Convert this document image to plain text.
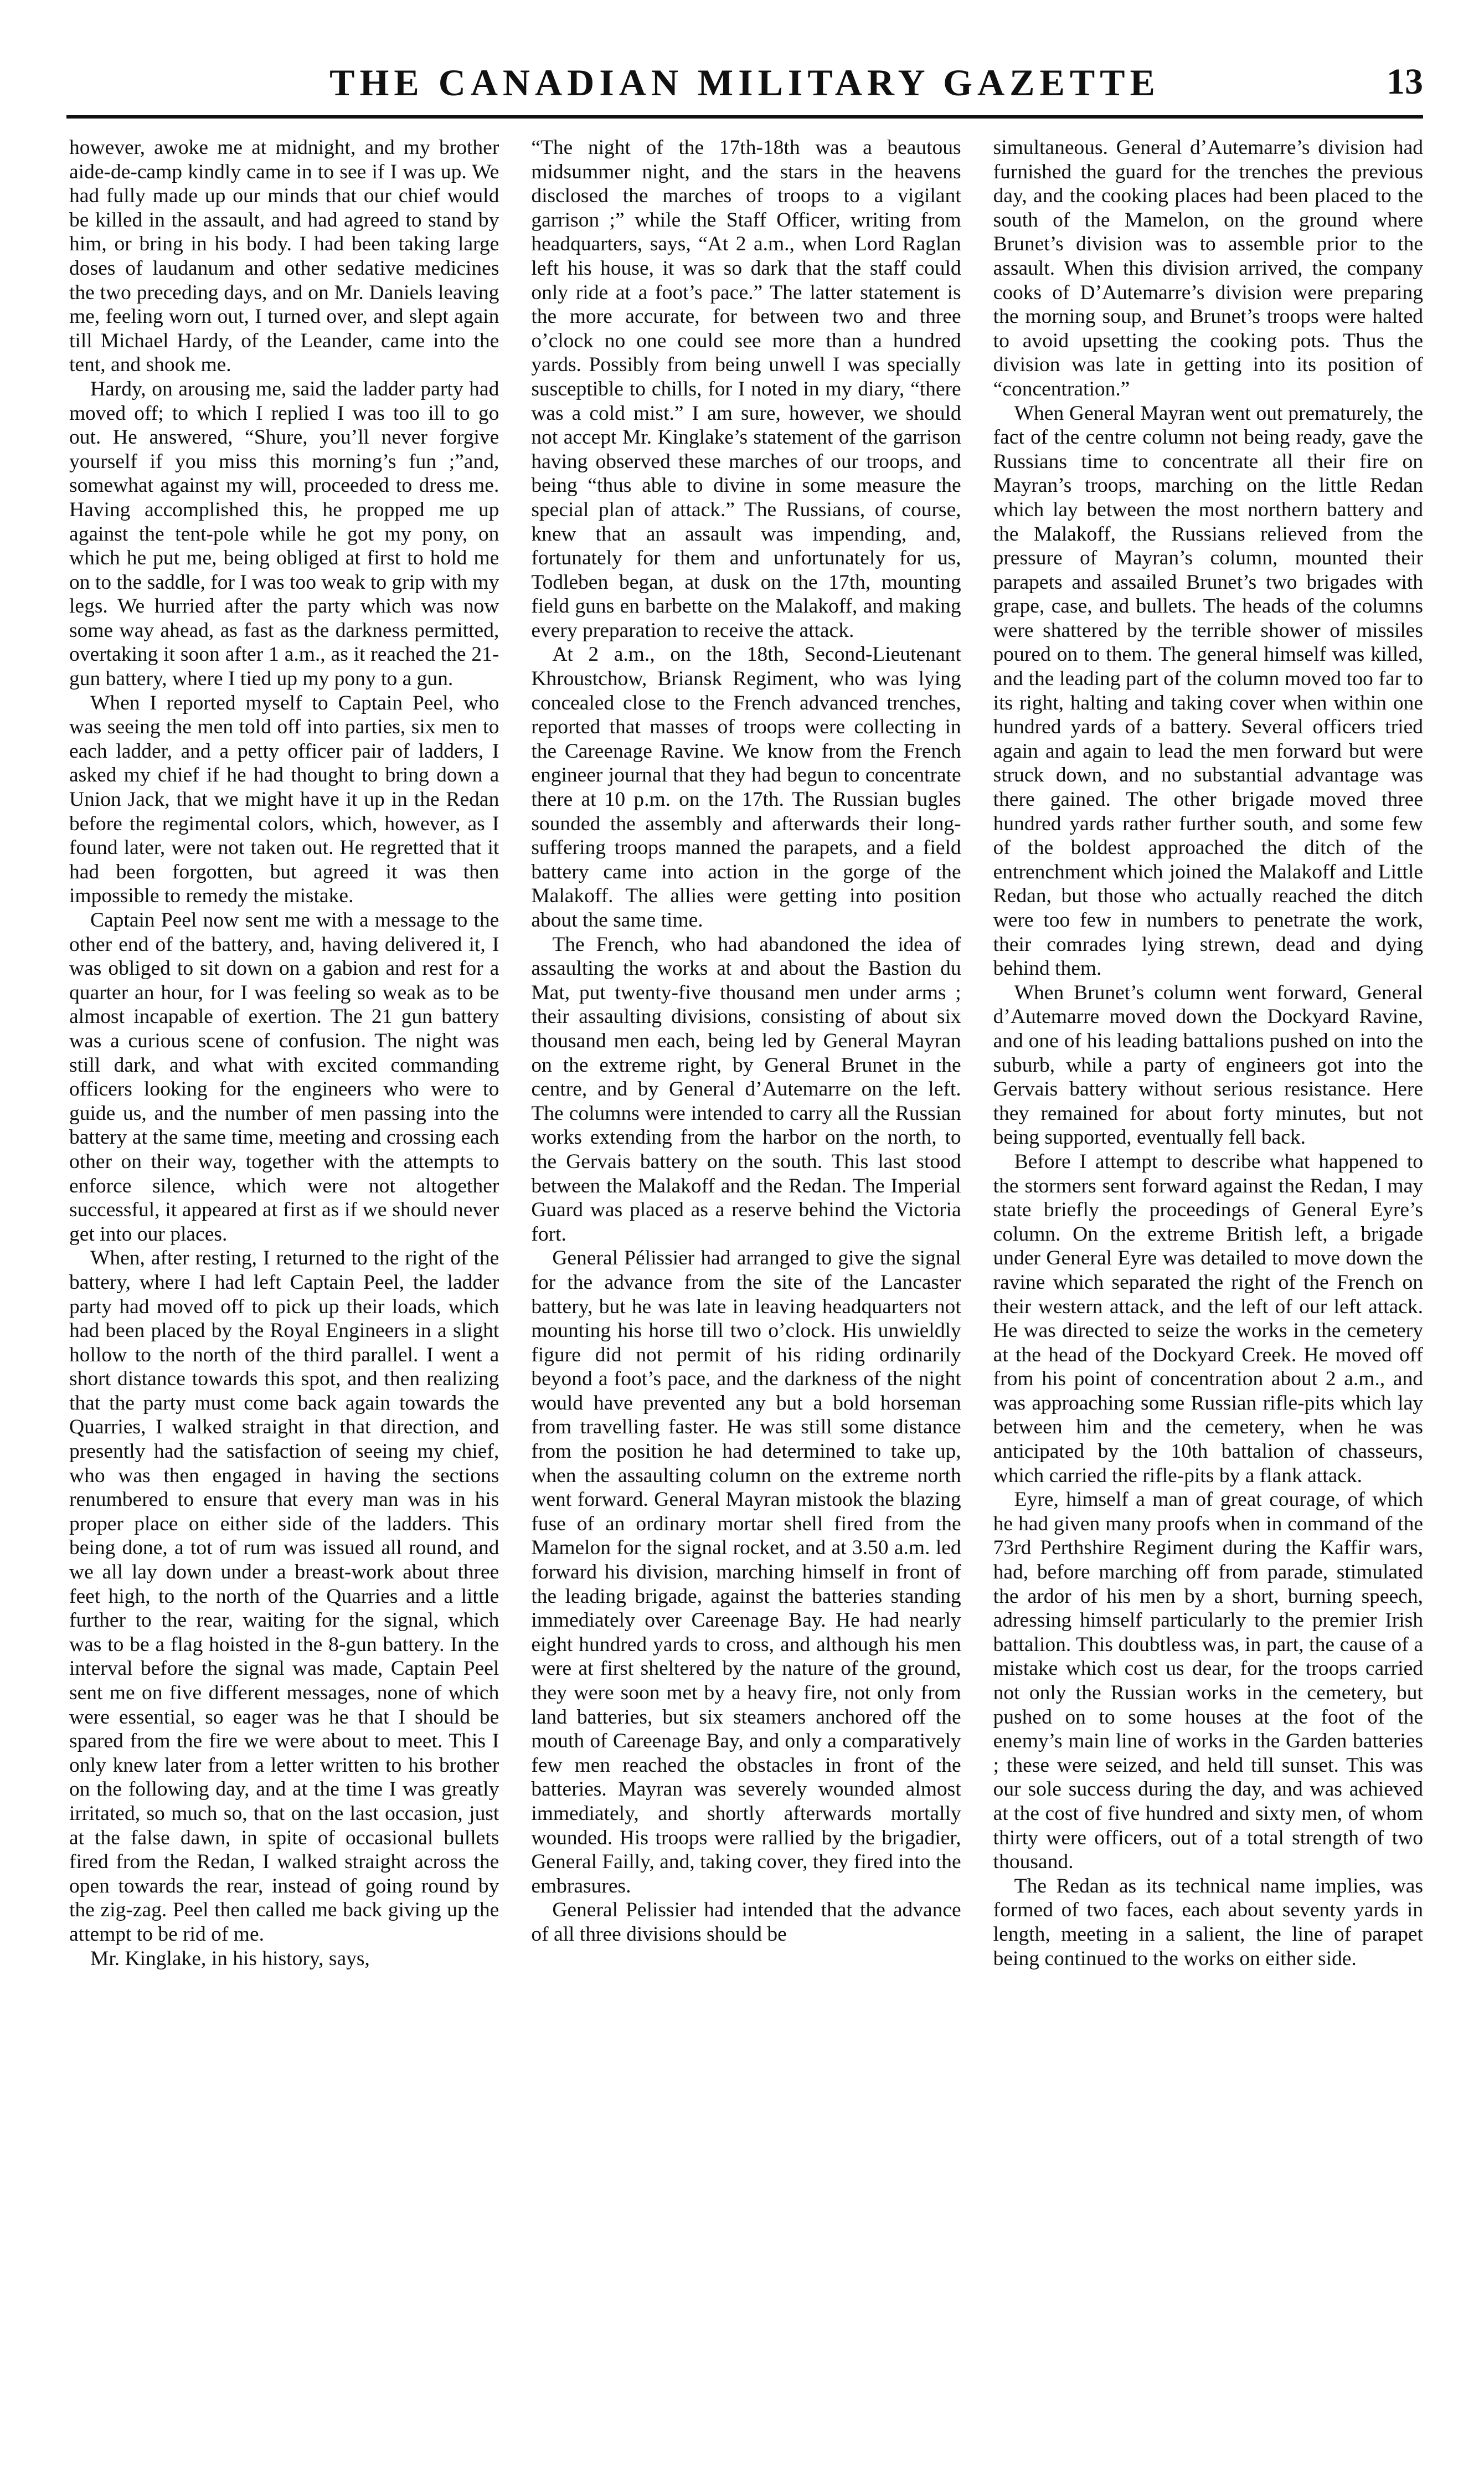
THE CANADIAN MILITARY GAZETTE	13

however, awoke me at midnight, and my brother aide-de-camp kindly came in to see if I was up. We had fully made up our minds that our chief would be killed in the assault, and had agreed to stand by him, or bring in his body. I had been taking large doses of laudanum and other sedative medicines the two preceding days, and on Mr. Daniels leaving me, feeling worn out, I turned over, and slept again till Michael Hardy, of the Leander, came into the tent, and shook me.

Hardy, on arousing me, said the ladder party had moved off; to which I replied I was too ill to go out. He answered, “Shure, you’ll never forgive yourself if you miss this morning’s fun ;”and, somewhat against my will, proceeded to dress me. Having accomplished this, he propped me up against the tent-pole while he got my pony, on which he put me, being obliged at first to hold me on to the saddle, for I was too weak to grip with my legs. We hurried after the party which was now some way ahead, as fast as the darkness permitted, overtaking it soon after 1 a.m., as it reached the 21-gun battery, where I tied up my pony to a gun.

When I reported myself to Captain Peel, who was seeing the men told off into parties, six men to each ladder, and a petty officer pair of ladders, I asked my chief if he had thought to bring down a Union Jack, that we might have it up in the Redan before the regimental colors, which, however, as I found later, were not taken out. He regretted that it had been forgotten, but agreed it was then impossible to remedy the mistake.

Captain Peel now sent me with a message to the other end of the battery, and, having delivered it, I was obliged to sit down on a gabion and rest for a quarter an hour, for I was feeling so weak as to be almost incapable of exertion. The 21 gun battery was a curious scene of confusion. The night was still dark, and what with excited commanding officers looking for the engineers who were to guide us, and the number of men passing into the battery at the same time, meeting and crossing each other on their way, together with the attempts to enforce silence, which were not altogether successful, it appeared at first as if we should never get into our places.

When, after resting, I returned to the right of the battery, where I had left Captain Peel, the ladder party had moved off to pick up their loads, which had been placed by the Royal Engineers in a slight hollow to the north of the third parallel. I went a short distance towards this spot, and then realizing that the party must come back again towards the Quarries, I walked straight in that direction, and presently had the satisfaction of seeing my chief, who was then engaged in having the sections renumbered to ensure that every man was in his proper place on either side of the ladders. This being done, a tot of rum was issued all round, and we all lay down under a breast-work about three feet high, to the north of the Quarries and a little further to the rear, waiting for the signal, which was to be a flag hoisted in the 8-gun battery. In the interval before the signal was made, Captain Peel sent me on five different messages, none of which were essential, so eager was he that I should be spared from the fire we were about to meet. This I only knew later from a letter written to his brother on the following day, and at the time I was greatly irritated, so much so, that on the last occasion, just at the false dawn, in spite of occasional bullets fired from the Redan, I walked straight across the open towards the rear, instead of going round by the zig-zag. Peel then called me back giving up the attempt to be rid of me.

Mr. Kinglake, in his history, says,

“The night of the 17th-18th was a beautous midsummer night, and the stars in the heavens disclosed the marches of troops to a vigilant garrison ;” while the Staff Officer, writing from headquarters, says, “At 2 a.m., when Lord Raglan left his house, it was so dark that the staff could only ride at a foot’s pace.” The latter statement is the more accurate, for between two and three o’clock no one could see more than a hundred yards. Possibly from being unwell I was specially susceptible to chills, for I noted in my diary, “there was a cold mist.” I am sure, however, we should not accept Mr. Kinglake’s statement of the garrison having observed these marches of our troops, and being “thus able to divine in some measure the special plan of attack.” The Russians, of course, knew that an assault was impending, and, fortunately for them and unfortunately for us, Todleben began, at dusk on the 17th, mounting field guns en barbette on the Malakoff, and making every preparation to receive the attack.

At 2 a.m., on the 18th, Second-Lieutenant Khroustchow, Briansk Regiment, who was lying concealed close to the French advanced trenches, reported that masses of troops were collecting in the Careenage Ravine. We know from the French engineer journal that they had begun to concentrate there at 10 p.m. on the 17th. The Russian bugles sounded the assembly and afterwards their long-suffering troops manned the parapets, and a field battery came into action in the gorge of the Malakoff. The allies were getting into position about the same time.

The French, who had abandoned the idea of assaulting the works at and about the Bastion du Mat, put twenty-five thousand men under arms ; their assaulting divisions, consisting of about six thousand men each, being led by General Mayran on the extreme right, by General Brunet in the centre, and by General d’Autemarre on the left. The columns were intended to carry all the Russian works extending from the harbor on the north, to the Gervais battery on the south. This last stood between the Malakoff and the Redan. The Imperial Guard was placed as a reserve behind the Victoria fort.

General Pélissier had arranged to give the signal for the advance from the site of the Lancaster battery, but he was late in leaving headquarters not mounting his horse till two o’clock. His unwieldly figure did not permit of his riding ordinarily beyond a foot’s pace, and the darkness of the night would have prevented any but a bold horseman from travelling faster. He was still some distance from the position he had determined to take up, when the assaulting column on the extreme north went forward. General Mayran mistook the blazing fuse of an ordinary mortar shell fired from the Mamelon for the signal rocket, and at 3.50 a.m. led forward his division, marching himself in front of the leading brigade, against the batteries standing immediately over Careenage Bay. He had nearly eight hundred yards to cross, and although his men were at first sheltered by the nature of the ground, they were soon met by a heavy fire, not only from land batteries, but six steamers anchored off the mouth of Careenage Bay, and only a comparatively few men reached the obstacles in front of the batteries. Mayran was severely wounded almost immediately, and shortly afterwards mortally wounded. His troops were rallied by the brigadier, General Failly, and, taking cover, they fired into the embrasures.

General Pelissier had intended that the advance of all three divisions should be

simultaneous. General d’Autemarre’s division had furnished the guard for the trenches the previous day, and the cooking places had been placed to the south of the Mamelon, on the ground where Brunet’s division was to assemble prior to the assault. When this division arrived, the company cooks of D’Autemarre’s division were preparing the morning soup, and Brunet’s troops were halted to avoid upsetting the cooking pots. Thus the division was late in getting into its position of “concentration.”

When General Mayran went out prematurely, the fact of the centre column not being ready, gave the Russians time to concentrate all their fire on Mayran’s troops, marching on the little Redan which lay between the most northern battery and the Malakoff, the Russians relieved from the pressure of Mayran’s column, mounted their parapets and assailed Brunet’s two brigades with grape, case, and bullets. The heads of the columns were shattered by the terrible shower of missiles poured on to them. The general himself was killed, and the leading part of the column moved too far to its right, halting and taking cover when within one hundred yards of a battery. Several officers tried again and again to lead the men forward but were struck down, and no substantial advantage was there gained. The other brigade moved three hundred yards rather further south, and some few of the boldest approached the ditch of the entrenchment which joined the Malakoff and Little Redan, but those who actually reached the ditch were too few in numbers to penetrate the work, their comrades lying strewn, dead and dying behind them.

When Brunet’s column went forward, General d’Autemarre moved down the Dockyard Ravine, and one of his leading battalions pushed on into the suburb, while a party of engineers got into the Gervais battery without serious resistance. Here they remained for about forty minutes, but not being supported, eventually fell back.

Before I attempt to describe what happened to the stormers sent forward against the Redan, I may state briefly the proceedings of General Eyre’s column. On the extreme British left, a brigade under General Eyre was detailed to move down the ravine which separated the right of the French on their western attack, and the left of our left attack. He was directed to seize the works in the cemetery at the head of the Dockyard Creek. He moved off from his point of concentration about 2 a.m., and was approaching some Russian rifle-pits which lay between him and the cemetery, when he was anticipated by the 10th battalion of chasseurs, which carried the rifle-pits by a flank attack.

Eyre, himself a man of great courage, of which he had given many proofs when in command of the 73rd Perthshire Regiment during the Kaffir wars, had, before marching off from parade, stimulated the ardor of his men by a short, burning speech, adressing himself particularly to the premier Irish battalion. This doubtless was, in part, the cause of a mistake which cost us dear, for the troops carried not only the Russian works in the cemetery, but pushed on to some houses at the foot of the enemy’s main line of works in the Garden batteries ; these were seized, and held till sunset. This was our sole success during the day, and was achieved at the cost of five hundred and sixty men, of whom thirty were officers, out of a total strength of two thousand.

The Redan as its technical name implies, was formed of two faces, each about seventy yards in length, meeting in a salient, the line of parapet being continued to the works on either side.
